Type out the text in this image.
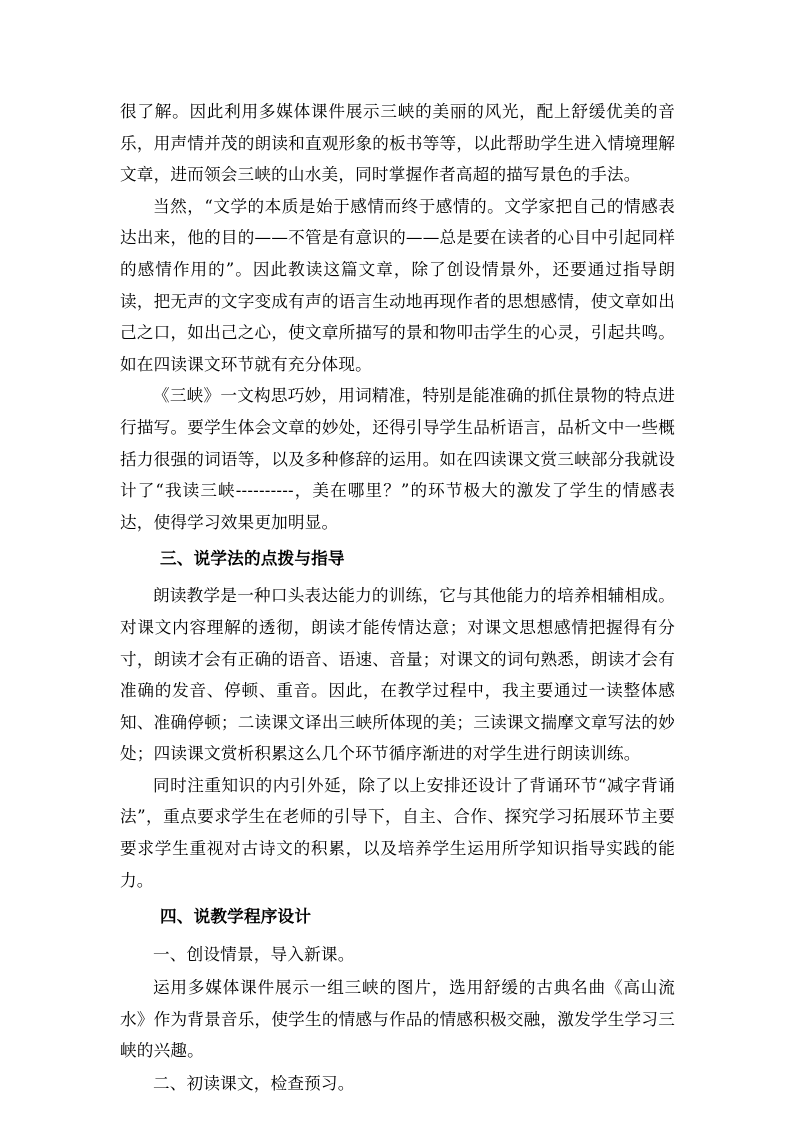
很了解。因此利用多媒体课件展示三峡的美丽的风光，配上舒缓优美的音乐，用声情并茂的朗读和直观形象的板书等等，以此帮助学生进入情境理解文章，进而领会三峡的山水美，同时掌握作者高超的描写景色的手法。

当然，“文学的本质是始于感情而终于感情的。文学家把自己的情感表达出来，他的目的——不管是有意识的——总是要在读者的心目中引起同样的感情作用的”。因此教读这篇文章，除了创设情景外，还要通过指导朗读，把无声的文字变成有声的语言生动地再现作者的思想感情，使文章如出己之口，如出己之心，使文章所描写的景和物叩击学生的心灵，引起共鸣。如在四读课文环节就有充分体现。

《三峡》一文构思巧妙，用词精准，特别是能准确的抓住景物的特点进行描写。要学生体会文章的妙处，还得引导学生品析语言，品析文中一些概括力很强的词语等，以及多种修辞的运用。如在四读课文赏三峡部分我就设计了“我读三峡----------，美在哪里？”的环节极大的激发了学生的情感表达，使得学习效果更加明显。

三、说学法的点拨与指导

朗读教学是一种口头表达能力的训练，它与其他能力的培养相辅相成。对课文内容理解的透彻，朗读才能传情达意；对课文思想感情把握得有分寸，朗读才会有正确的语音、语速、音量；对课文的词句熟悉，朗读才会有准确的发音、停顿、重音。因此，在教学过程中，我主要通过一读整体感知、准确停顿；二读课文译出三峡所体现的美；三读课文揣摩文章写法的妙处；四读课文赏析积累这么几个环节循序渐进的对学生进行朗读训练。

同时注重知识的内引外延，除了以上安排还设计了背诵环节“减字背诵法”，重点要求学生在老师的引导下，自主、合作、探究学习拓展环节主要要求学生重视对古诗文的积累，以及培养学生运用所学知识指导实践的能力。

四、说教学程序设计

一、创设情景，导入新课。

运用多媒体课件展示一组三峡的图片，选用舒缓的古典名曲《高山流水》作为背景音乐，使学生的情感与作品的情感积极交融，激发学生学习三峡的兴趣。

二、初读课文，检查预习。
